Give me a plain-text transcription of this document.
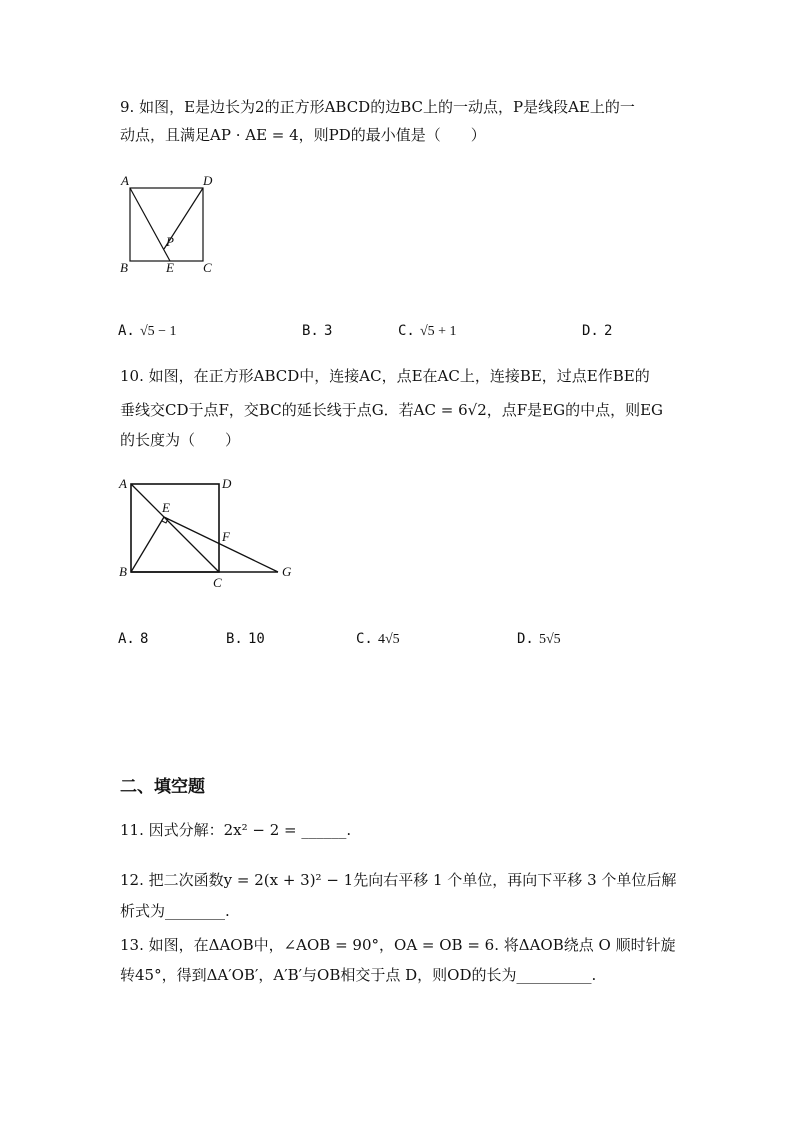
9. 如图，E是边长为2的正方形ABCD的边BC上的一动点，P是线段AE上的一
动点，且满足AP · AE = 4，则PD的最小值是（　　）
A	D
B	C
E
P
A. √5 − 1	B. 3	C. √5 + 1	D. 2
10. 如图，在正方形ABCD中，连接AC，点E在AC上，连接BE，过点E作BE的
垂线交CD于点F，交BC的延长线于点G．若AC = 6√2，点F是EG的中点，则EG
的长度为（　　）
A	D
B
C
E
F
G
A. 8	B. 10	C. 4√5	D. 5√5
二、填空题
11. 因式分解：2x² − 2 = ______.
12. 把二次函数y = 2(x + 3)² − 1先向右平移 1 个单位，再向下平移 3 个单位后解
析式为________.
13. 如图，在ΔAOB中，∠AOB = 90°，OA = OB = 6. 将ΔAOB绕点 O 顺时针旋
转45°，得到ΔA′OB′，A′B′与OB相交于点 D，则OD的长为__________.
